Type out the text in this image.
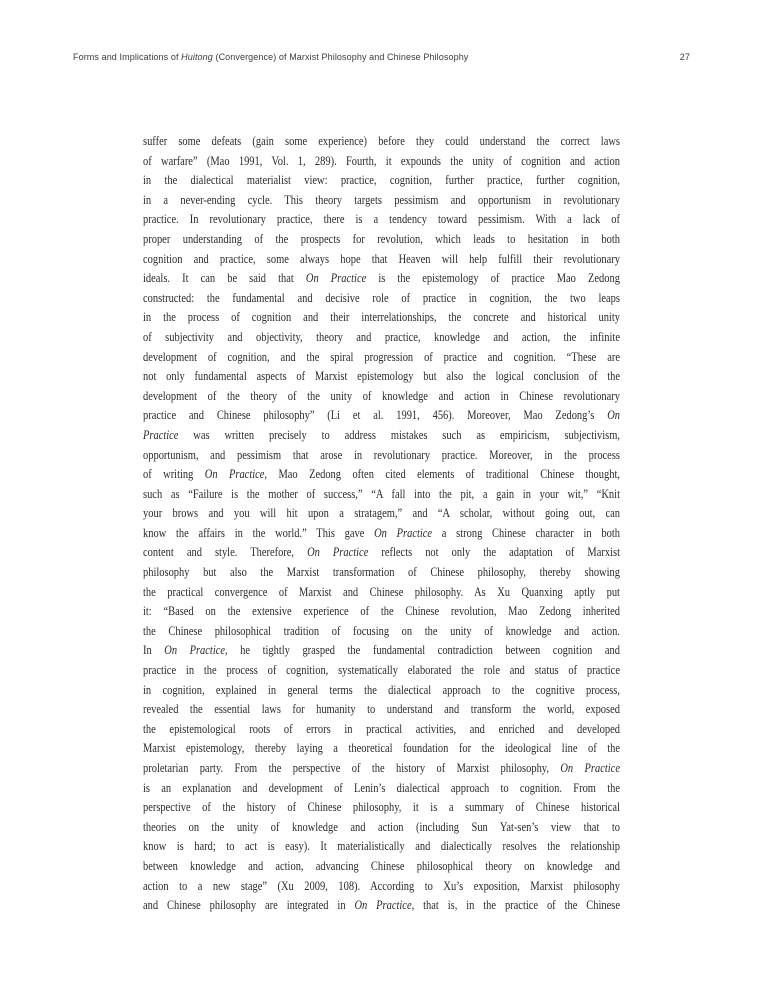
Forms and Implications of Huitong (Convergence) of Marxist Philosophy and Chinese Philosophy	27
suffer some defeats (gain some experience) before they could understand the correct laws
of warfare” (Mao 1991, Vol. 1, 289). Fourth, it expounds the unity of cognition and action
in the dialectical materialist view: practice, cognition, further practice, further cognition,
in a never-ending cycle. This theory targets pessimism and opportunism in revolutionary
practice. In revolutionary practice, there is a tendency toward pessimism. With a lack of
proper understanding of the prospects for revolution, which leads to hesitation in both
cognition and practice, some always hope that Heaven will help fulfill their revolutionary
ideals. It can be said that On Practice is the epistemology of practice Mao Zedong
constructed: the fundamental and decisive role of practice in cognition, the two leaps
in the process of cognition and their interrelationships, the concrete and historical unity
of subjectivity and objectivity, theory and practice, knowledge and action, the infinite
development of cognition, and the spiral progression of practice and cognition. “These are
not only fundamental aspects of Marxist epistemology but also the logical conclusion of the
development of the theory of the unity of knowledge and action in Chinese revolutionary
practice and Chinese philosophy” (Li et al. 1991, 456). Moreover, Mao Zedong’s On
Practice was written precisely to address mistakes such as empiricism, subjectivism,
opportunism, and pessimism that arose in revolutionary practice. Moreover, in the process
of writing On Practice, Mao Zedong often cited elements of traditional Chinese thought,
such as “Failure is the mother of success,” “A fall into the pit, a gain in your wit,” “Knit
your brows and you will hit upon a stratagem,” and “A scholar, without going out, can
know the affairs in the world.” This gave On Practice a strong Chinese character in both
content and style. Therefore, On Practice reflects not only the adaptation of Marxist
philosophy but also the Marxist transformation of Chinese philosophy, thereby showing
the practical convergence of Marxist and Chinese philosophy. As Xu Quanxing aptly put
it: “Based on the extensive experience of the Chinese revolution, Mao Zedong inherited
the Chinese philosophical tradition of focusing on the unity of knowledge and action.
In On Practice, he tightly grasped the fundamental contradiction between cognition and
practice in the process of cognition, systematically elaborated the role and status of practice
in cognition, explained in general terms the dialectical approach to the cognitive process,
revealed the essential laws for humanity to understand and transform the world, exposed
the epistemological roots of errors in practical activities, and enriched and developed
Marxist epistemology, thereby laying a theoretical foundation for the ideological line of the
proletarian party. From the perspective of the history of Marxist philosophy, On Practice
is an explanation and development of Lenin’s dialectical approach to cognition. From the
perspective of the history of Chinese philosophy, it is a summary of Chinese historical
theories on the unity of knowledge and action (including Sun Yat-sen’s view that to
know is hard; to act is easy). It materialistically and dialectically resolves the relationship
between knowledge and action, advancing Chinese philosophical theory on knowledge and
action to a new stage” (Xu 2009, 108). According to Xu’s exposition, Marxist philosophy
and Chinese philosophy are integrated in On Practice, that is, in the practice of the Chinese
